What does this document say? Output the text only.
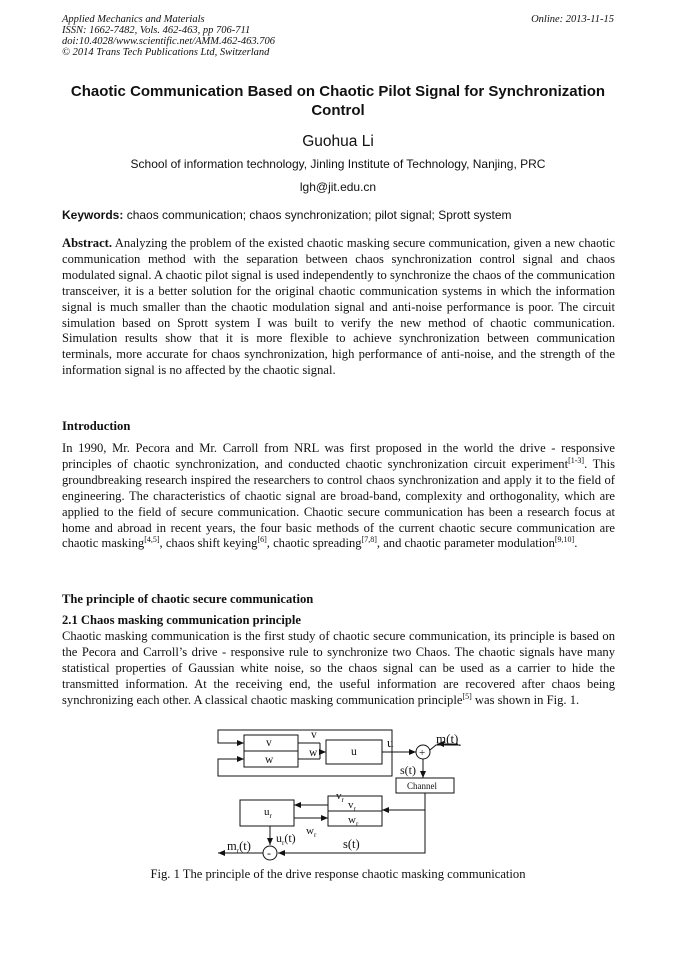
Applied Mechanics and Materials
ISSN: 1662-7482, Vols. 462-463, pp 706-711
doi:10.4028/www.scientific.net/AMM.462-463.706
© 2014 Trans Tech Publications Ltd, Switzerland
Online: 2013-11-15
Chaotic Communication Based on Chaotic Pilot Signal for Synchronization Control
Guohua Li
School of information technology, Jinling Institute of Technology, Nanjing, PRC
lgh@jit.edu.cn
Keywords: chaos communication; chaos synchronization; pilot signal; Sprott system
Abstract. Analyzing the problem of the existed chaotic masking secure communication, given a new chaotic communication method with the separation between chaos synchronization control signal and chaos modulated signal. A chaotic pilot signal is used independently to synchronize the chaos of the communication transceiver, it is a better solution for the original chaotic communication systems in which the information signal is much smaller than the chaotic modulation signal and anti-noise performance is poor. The circuit simulation based on Sprott system I was built to verify the new method of chaotic communication. Simulation results show that it is more flexible to achieve synchronization between communication terminals, more accurate for chaos synchronization, high performance of anti-noise, and the strength of the information signal is no affected by the chaotic signal.
Introduction
In 1990, Mr. Pecora and Mr. Carroll from NRL was first proposed in the world the drive - responsive principles of chaotic synchronization, and conducted chaotic synchronization circuit experiment[1-3]. This groundbreaking research inspired the researchers to control chaos synchronization and apply it to the field of engineering. The characteristics of chaotic signal are broad-band, complexity and orthogonality, which are applied to the field of secure communication. Chaotic secure communication has been a research focus at home and abroad in recent years, the four basic methods of the current chaotic secure communication are chaotic masking[4,5], chaos shift keying[6], chaotic spreading[7,8], and chaotic parameter modulation[9,10].
The principle of chaotic secure communication
2.1 Chaos masking communication principle
Chaotic masking communication is the first study of chaotic secure communication, its principle is based on the Pecora and Carroll’s drive - responsive rule to synchronize two Chaos. The chaotic signals have many statistical properties of Gaussian white noise, so the chaos signal can be used as a carrier to hide the transmitted information. At the receiving end, the useful information are recovered after chaos being synchronizing each other. A classical chaotic masking communication principle[5] was shown in Fig. 1.
v
w
v
w	u
u
+
m(t)
s(t)
Channel
$v_r$ $v_r$
$w_r$
$u_r$
$w_r$
$u_r(t)$
$m_r(t)$ -
s(t)
Fig. 1 The principle of the drive response chaotic masking communication
